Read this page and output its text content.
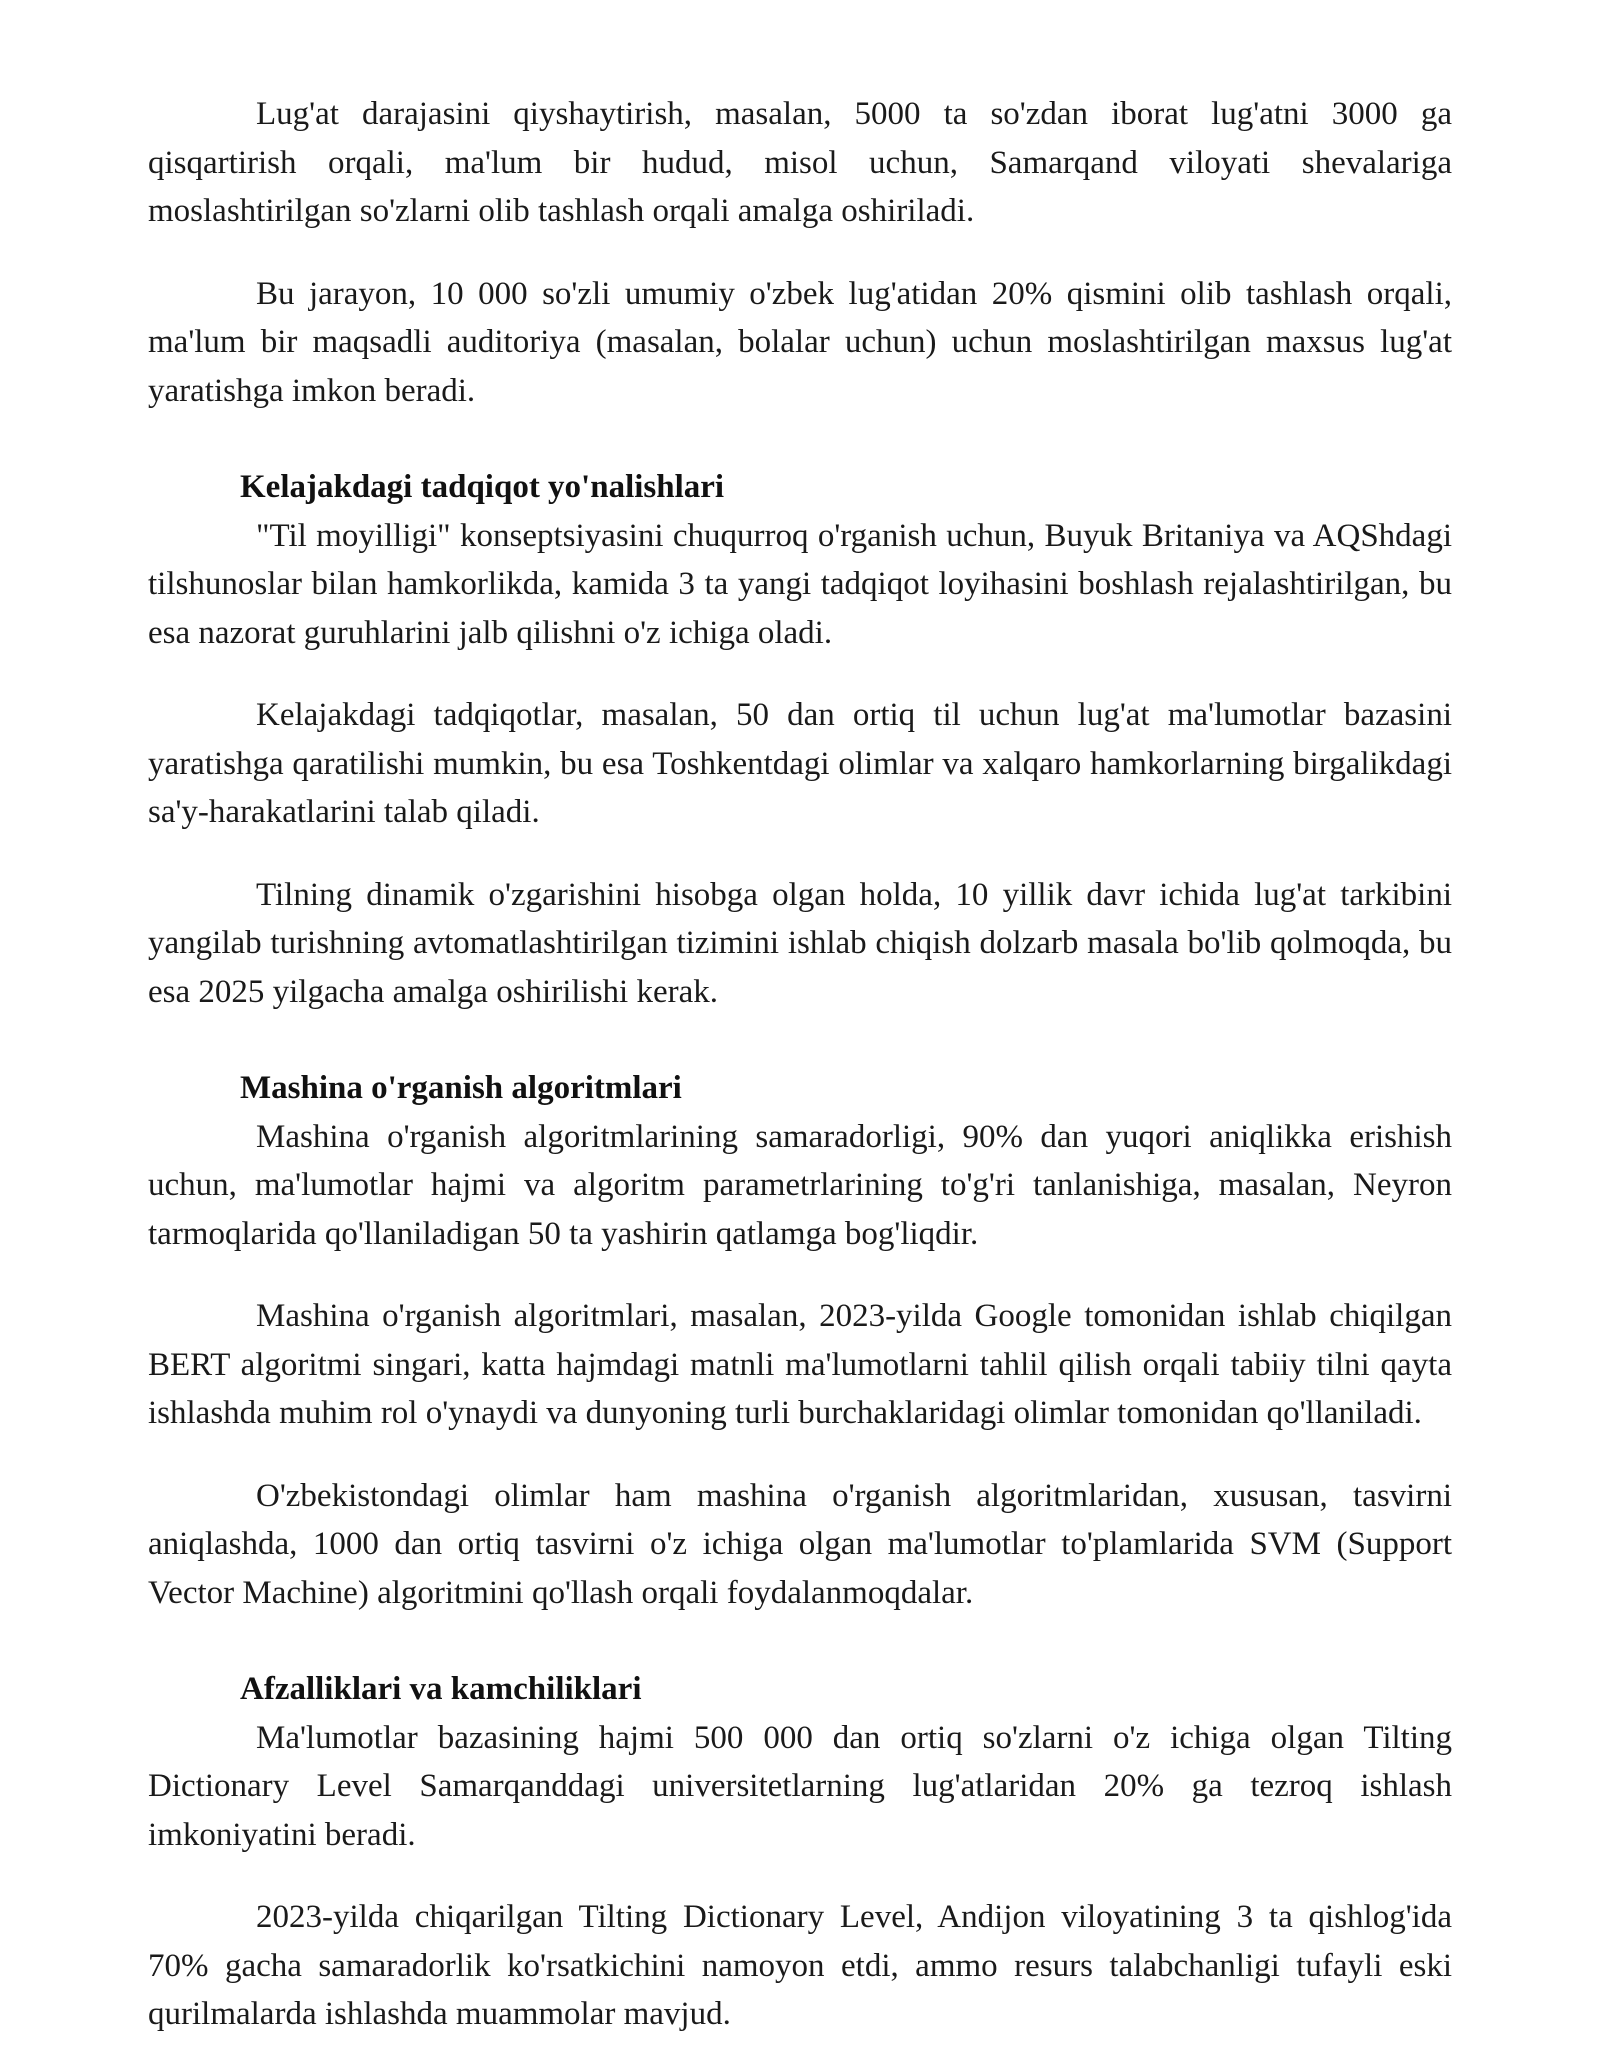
Lug'at darajasini qiyshaytirish, masalan, 5000 ta so'zdan iborat lug'atni 3000 ga qisqartirish orqali, ma'lum bir hudud, misol uchun, Samarqand viloyati shevalariga moslashtirilgan so'zlarni olib tashlash orqali amalga oshiriladi.

Bu jarayon, 10 000 so'zli umumiy o'zbek lug'atidan 20% qismini olib tashlash orqali, ma'lum bir maqsadli auditoriya (masalan, bolalar uchun) uchun moslashtirilgan maxsus lug'at yaratishga imkon beradi.

Kelajakdagi tadqiqot yo'nalishlari

"Til moyilligi" konseptsiyasini chuqurroq o'rganish uchun, Buyuk Britaniya va AQShdagi tilshunoslar bilan hamkorlikda, kamida 3 ta yangi tadqiqot loyihasini boshlash rejalashtirilgan, bu esa nazorat guruhlarini jalb qilishni o'z ichiga oladi.

Kelajakdagi tadqiqotlar, masalan, 50 dan ortiq til uchun lug'at ma'lumotlar bazasini yaratishga qaratilishi mumkin, bu esa Toshkentdagi olimlar va xalqaro hamkorlarning birgalikdagi sa'y-harakatlarini talab qiladi.

Tilning dinamik o'zgarishini hisobga olgan holda, 10 yillik davr ichida lug'at tarkibini yangilab turishning avtomatlashtirilgan tizimini ishlab chiqish dolzarb masala bo'lib qolmoqda, bu esa 2025 yilgacha amalga oshirilishi kerak.

Mashina o'rganish algoritmlari

Mashina o'rganish algoritmlarining samaradorligi, 90% dan yuqori aniqlikka erishish uchun, ma'lumotlar hajmi va algoritm parametrlarining to'g'ri tanlanishiga, masalan, Neyron tarmoqlarida qo'llaniladigan 50 ta yashirin qatlamga bog'liqdir.

Mashina o'rganish algoritmlari, masalan, 2023-yilda Google tomonidan ishlab chiqilgan BERT algoritmi singari, katta hajmdagi matnli ma'lumotlarni tahlil qilish orqali tabiiy tilni qayta ishlashda muhim rol o'ynaydi va dunyoning turli burchaklaridagi olimlar tomonidan qo'llaniladi.

O'zbekistondagi olimlar ham mashina o'rganish algoritmlaridan, xususan, tasvirni aniqlashda, 1000 dan ortiq tasvirni o'z ichiga olgan ma'lumotlar to'plamlarida SVM (Support Vector Machine) algoritmini qo'llash orqali foydalanmoqdalar.

Afzalliklari va kamchiliklari

Ma'lumotlar bazasining hajmi 500 000 dan ortiq so'zlarni o'z ichiga olgan Tilting Dictionary Level Samarqanddagi universitetlarning lug'atlaridan 20% ga tezroq ishlash imkoniyatini beradi.

2023-yilda chiqarilgan Tilting Dictionary Level, Andijon viloyatining 3 ta qishlog'ida 70% gacha samaradorlik ko'rsatkichini namoyon etdi, ammo resurs talabchanligi tufayli eski qurilmalarda ishlashda muammolar mavjud.
